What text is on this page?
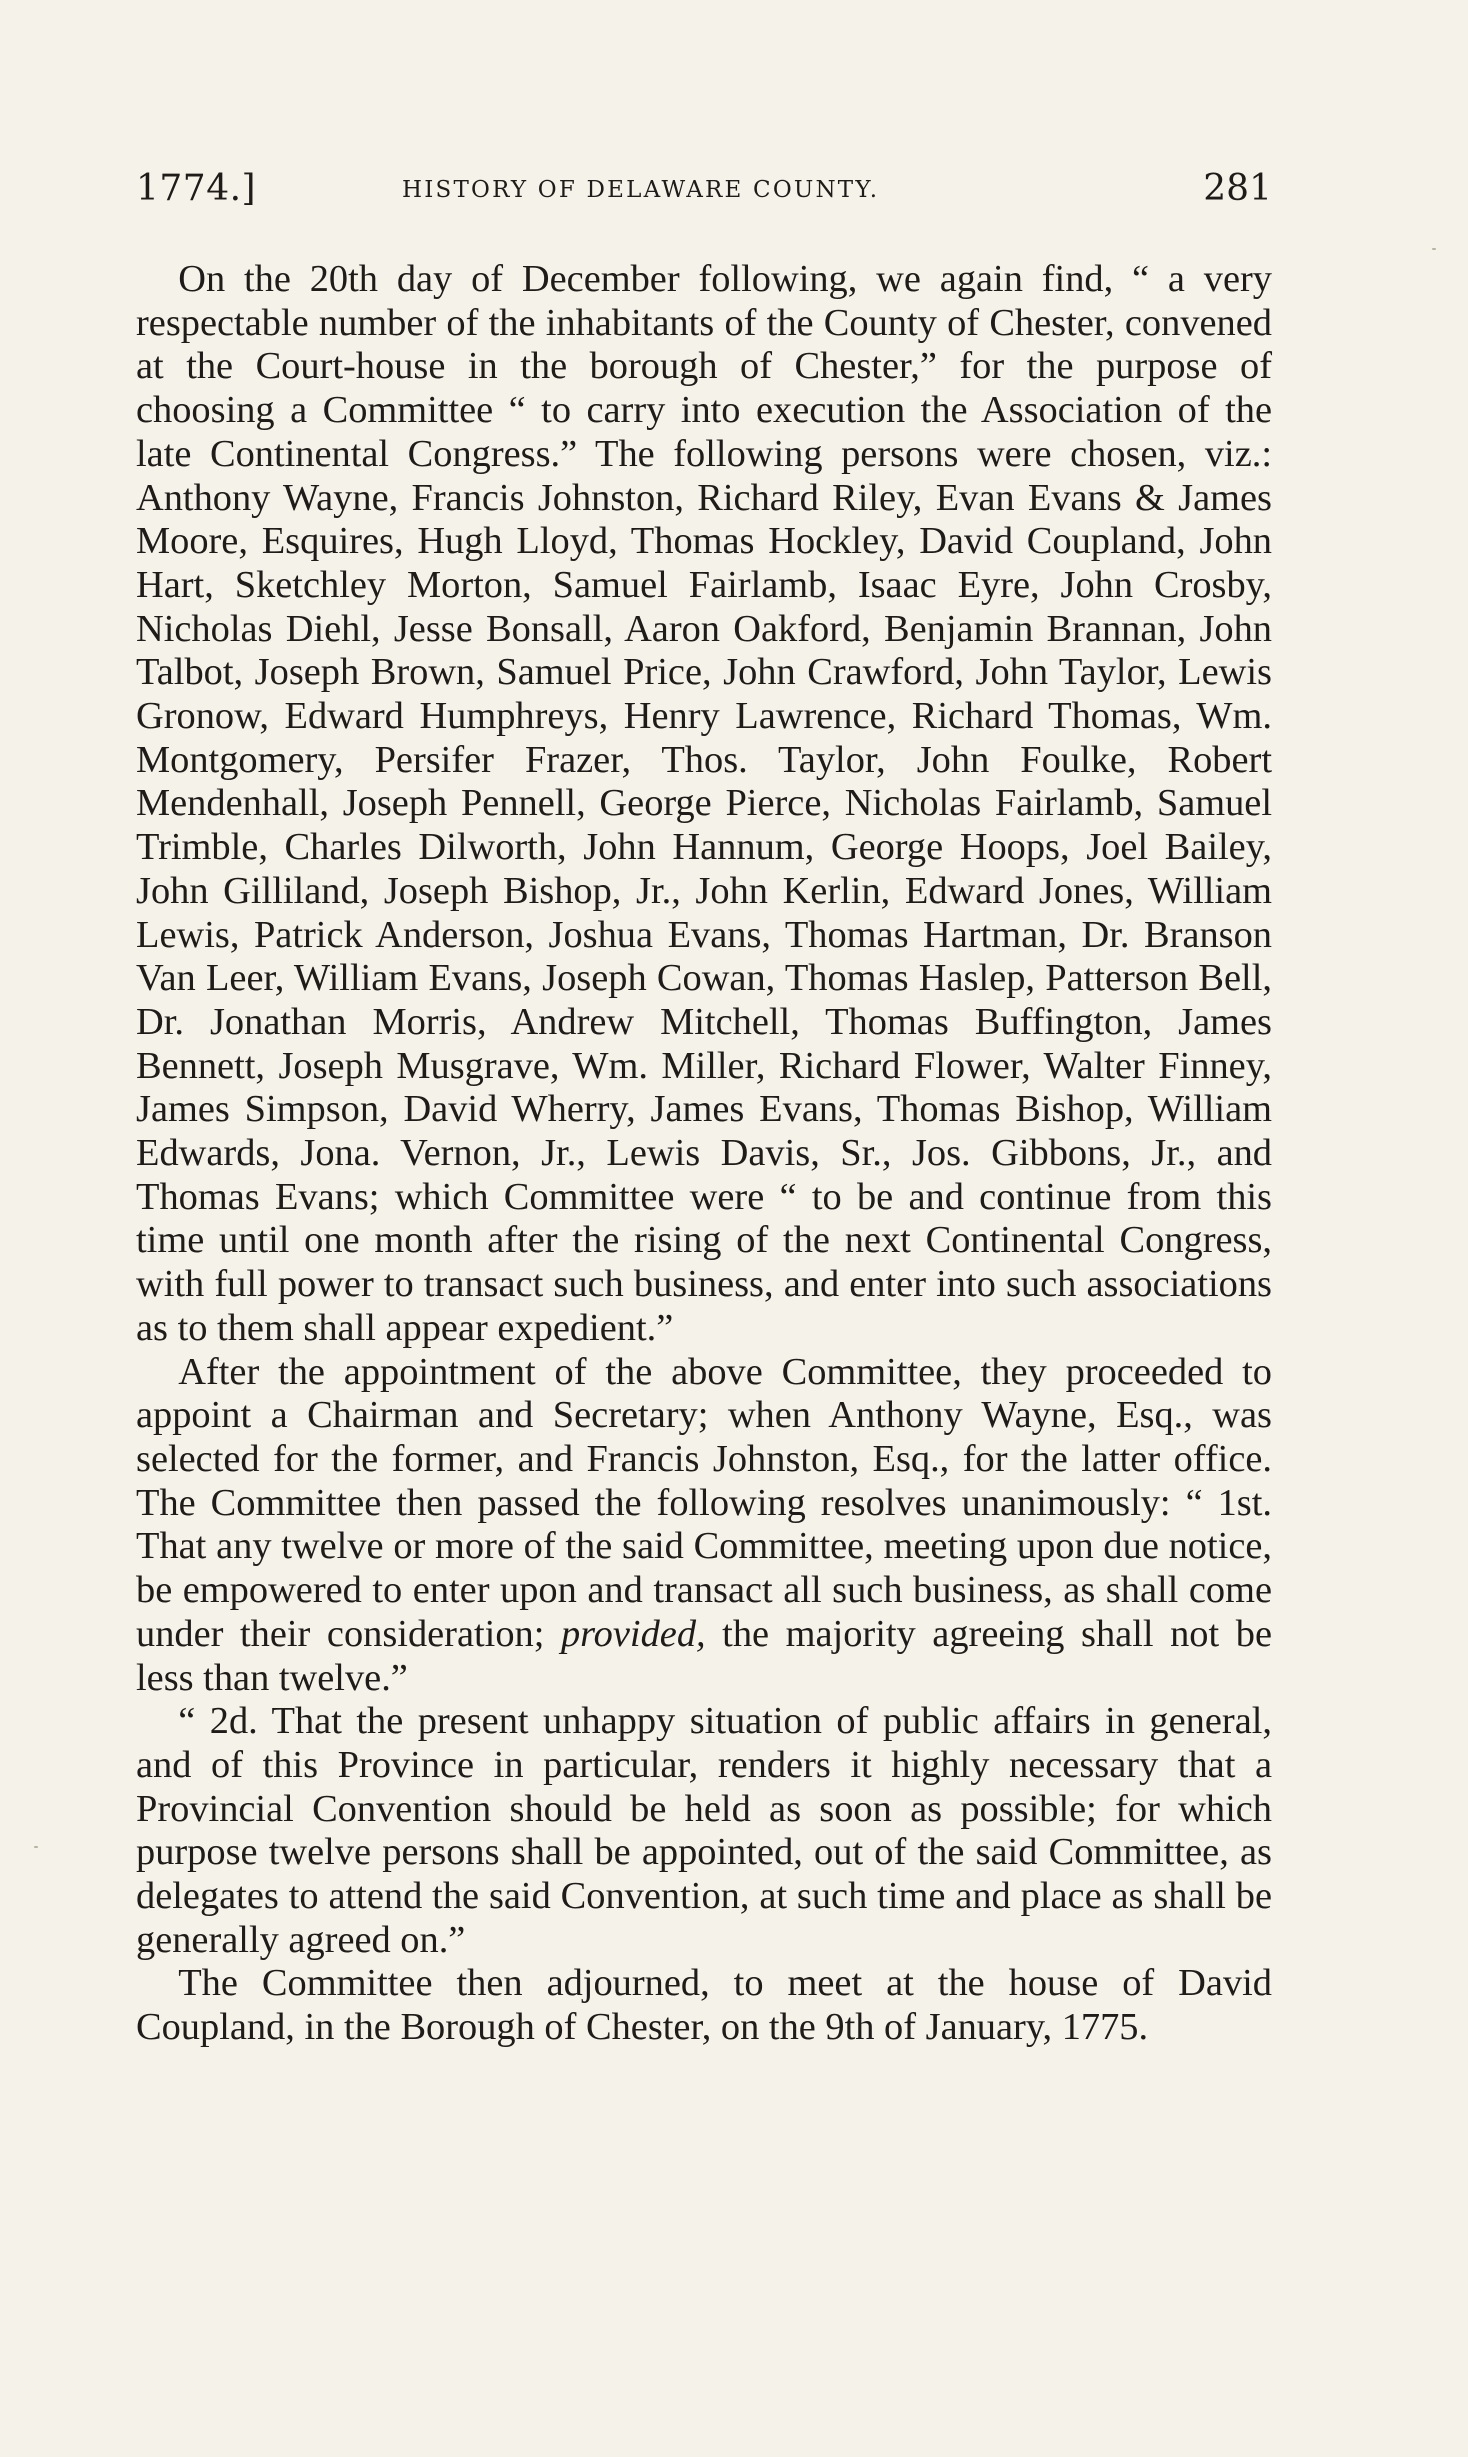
1774.]	HISTORY OF DELAWARE COUNTY.	281

On the 20th day of December following, we again find, “ a very respectable number of the inhabitants of the County of Chester, convened at the Court-house in the borough of Chester,” for the purpose of choosing a Committee “ to carry into execution the Association of the late Continental Congress.” The following persons were chosen, viz.: Anthony Wayne, Francis Johnston, Richard Riley, Evan Evans & James Moore, Esquires, Hugh Lloyd, Thomas Hockley, David Coupland, John Hart, Sketchley Morton, Samuel Fairlamb, Isaac Eyre, John Crosby, Nicholas Diehl, Jesse Bonsall, Aaron Oakford, Benjamin Brannan, John Talbot, Joseph Brown, Samuel Price, John Crawford, John Taylor, Lewis Gronow, Edward Humphreys, Henry Lawrence, Richard Thomas, Wm. Montgomery, Persifer Frazer, Thos. Taylor, John Foulke, Robert Mendenhall, Joseph Pennell, George Pierce, Nicholas Fairlamb, Samuel Trimble, Charles Dilworth, John Hannum, George Hoops, Joel Bailey, John Gilliland, Joseph Bishop, Jr., John Kerlin, Edward Jones, William Lewis, Patrick Anderson, Joshua Evans, Thomas Hartman, Dr. Branson Van Leer, William Evans, Joseph Cowan, Thomas Haslep, Patterson Bell, Dr. Jonathan Morris, Andrew Mitchell, Thomas Buffington, James Bennett, Joseph Musgrave, Wm. Miller, Richard Flower, Walter Finney, James Simpson, David Wherry, James Evans, Thomas Bishop, William Edwards, Jona. Vernon, Jr., Lewis Davis, Sr., Jos. Gibbons, Jr., and Thomas Evans; which Committee were “ to be and continue from this time until one month after the rising of the next Continental Congress, with full power to transact such business, and enter into such associations as to them shall appear expedient.”

After the appointment of the above Committee, they proceeded to appoint a Chairman and Secretary; when Anthony Wayne, Esq., was selected for the former, and Francis Johnston, Esq., for the latter office. The Committee then passed the following resolves unanimously: “ 1st. That any twelve or more of the said Committee, meeting upon due notice, be empowered to enter upon and transact all such business, as shall come under their consideration; provided, the majority agreeing shall not be less than twelve.”

“ 2d. That the present unhappy situation of public affairs in general, and of this Province in particular, renders it highly necessary that a Provincial Convention should be held as soon as possible; for which purpose twelve persons shall be appointed, out of the said Committee, as delegates to attend the said Convention, at such time and place as shall be generally agreed on.”

The Committee then adjourned, to meet at the house of David Coupland, in the Borough of Chester, on the 9th of January, 1775.
